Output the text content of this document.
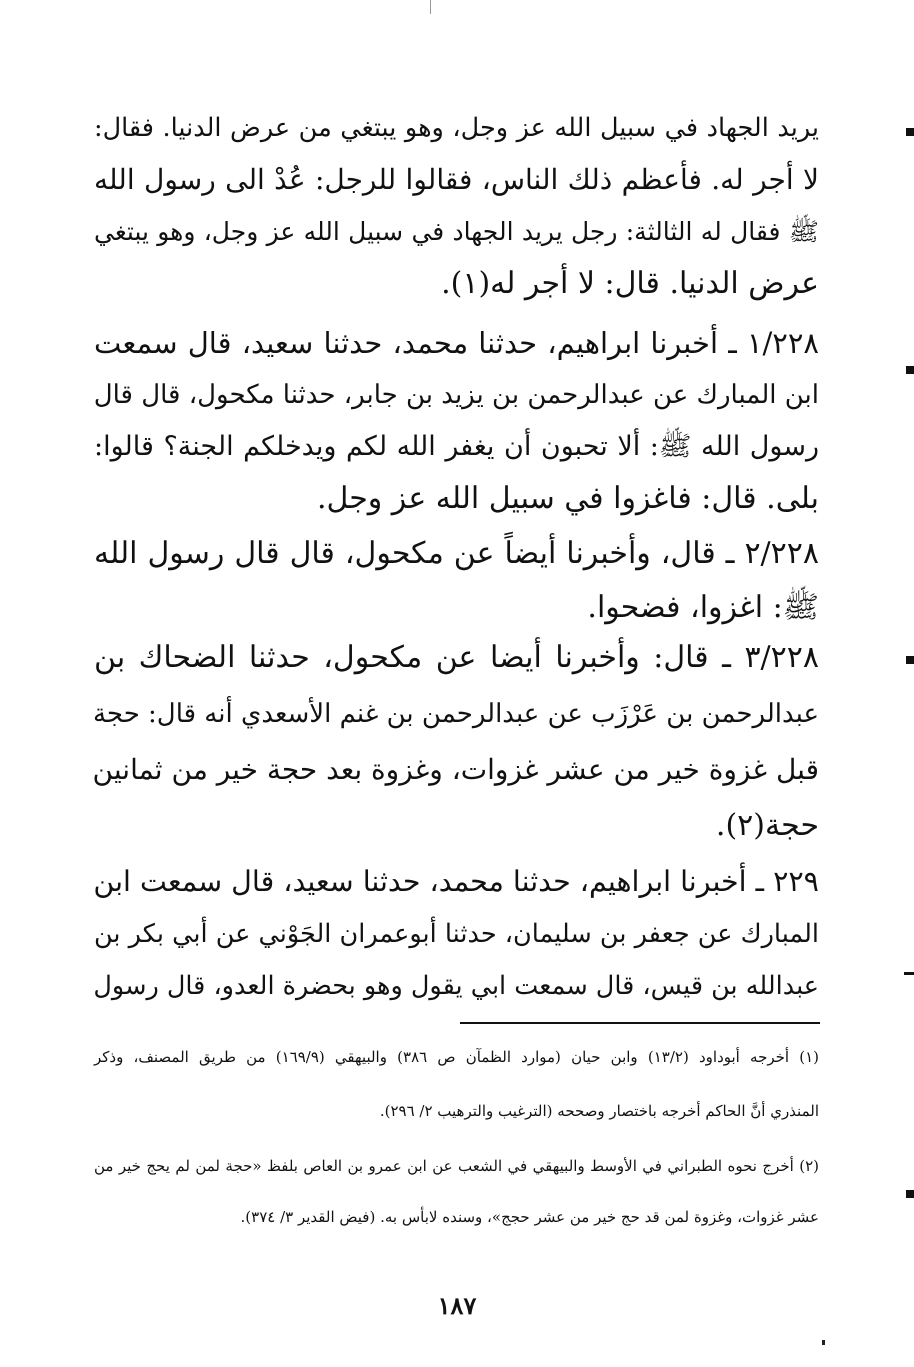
يريد الجهاد في سبيل الله عز وجل، وهو يبتغي من عرض الدنيا. فقال:
لا أجر له. فأعظم ذلك الناس، فقالوا للرجل: عُدْ الى رسول الله
ﷺ فقال له الثالثة: رجل يريد الجهاد في سبيل الله عز وجل، وهو يبتغي
عرض الدنيا. قال: لا أجر له(١).
١/٢٢٨ ـ أخبرنا ابراهيم، حدثنا محمد، حدثنا سعيد، قال سمعت
ابن المبارك عن عبدالرحمن بن يزيد بن جابر، حدثنا مكحول، قال قال
رسول الله ﷺ: ألا تحبون أن يغفر الله لكم ويدخلكم الجنة؟ قالوا:
بلى. قال: فاغزوا في سبيل الله عز وجل.
٢/٢٢٨ ـ قال، وأخبرنا أيضاً عن مكحول، قال قال رسول الله
ﷺ: اغزوا، فضحوا.
٣/٢٢٨ ـ قال: وأخبرنا أيضا عن مكحول، حدثنا الضحاك بن
عبدالرحمن بن عَرْزَب عن عبدالرحمن بن غنم الأسعدي أنه قال: حجة
قبل غزوة خير من عشر غزوات، وغزوة بعد حجة خير من ثمانين
حجة(٢).
٢٢٩ ـ أخبرنا ابراهيم، حدثنا محمد، حدثنا سعيد، قال سمعت ابن
المبارك عن جعفر بن سليمان، حدثنا أبوعمران الجَوْني عن أبي بكر بن
عبدالله بن قيس، قال سمعت ابي يقول وهو بحضرة العدو، قال رسول
(١) أخرجه أبوداود (١٣/٢) وابن حيان (موارد الظمآن ص ٣٨٦) والبيهقي (١٦٩/٩) من طريق المصنف، وذكر
المنذري أنَّ الحاكم أخرجه باختصار وصححه (الترغيب والترهيب ٢/ ٢٩٦).
(٢) أخرج نحوه الطبراني في الأوسط والبيهقي في الشعب عن ابن عمرو بن العاص بلفظ «حجة لمن لم يحج خير من
عشر غزوات، وغزوة لمن قد حج خير من عشر حجج»، وسنده لابأس به. (فيض القدير ٣/ ٣٧٤).
١٨٧
